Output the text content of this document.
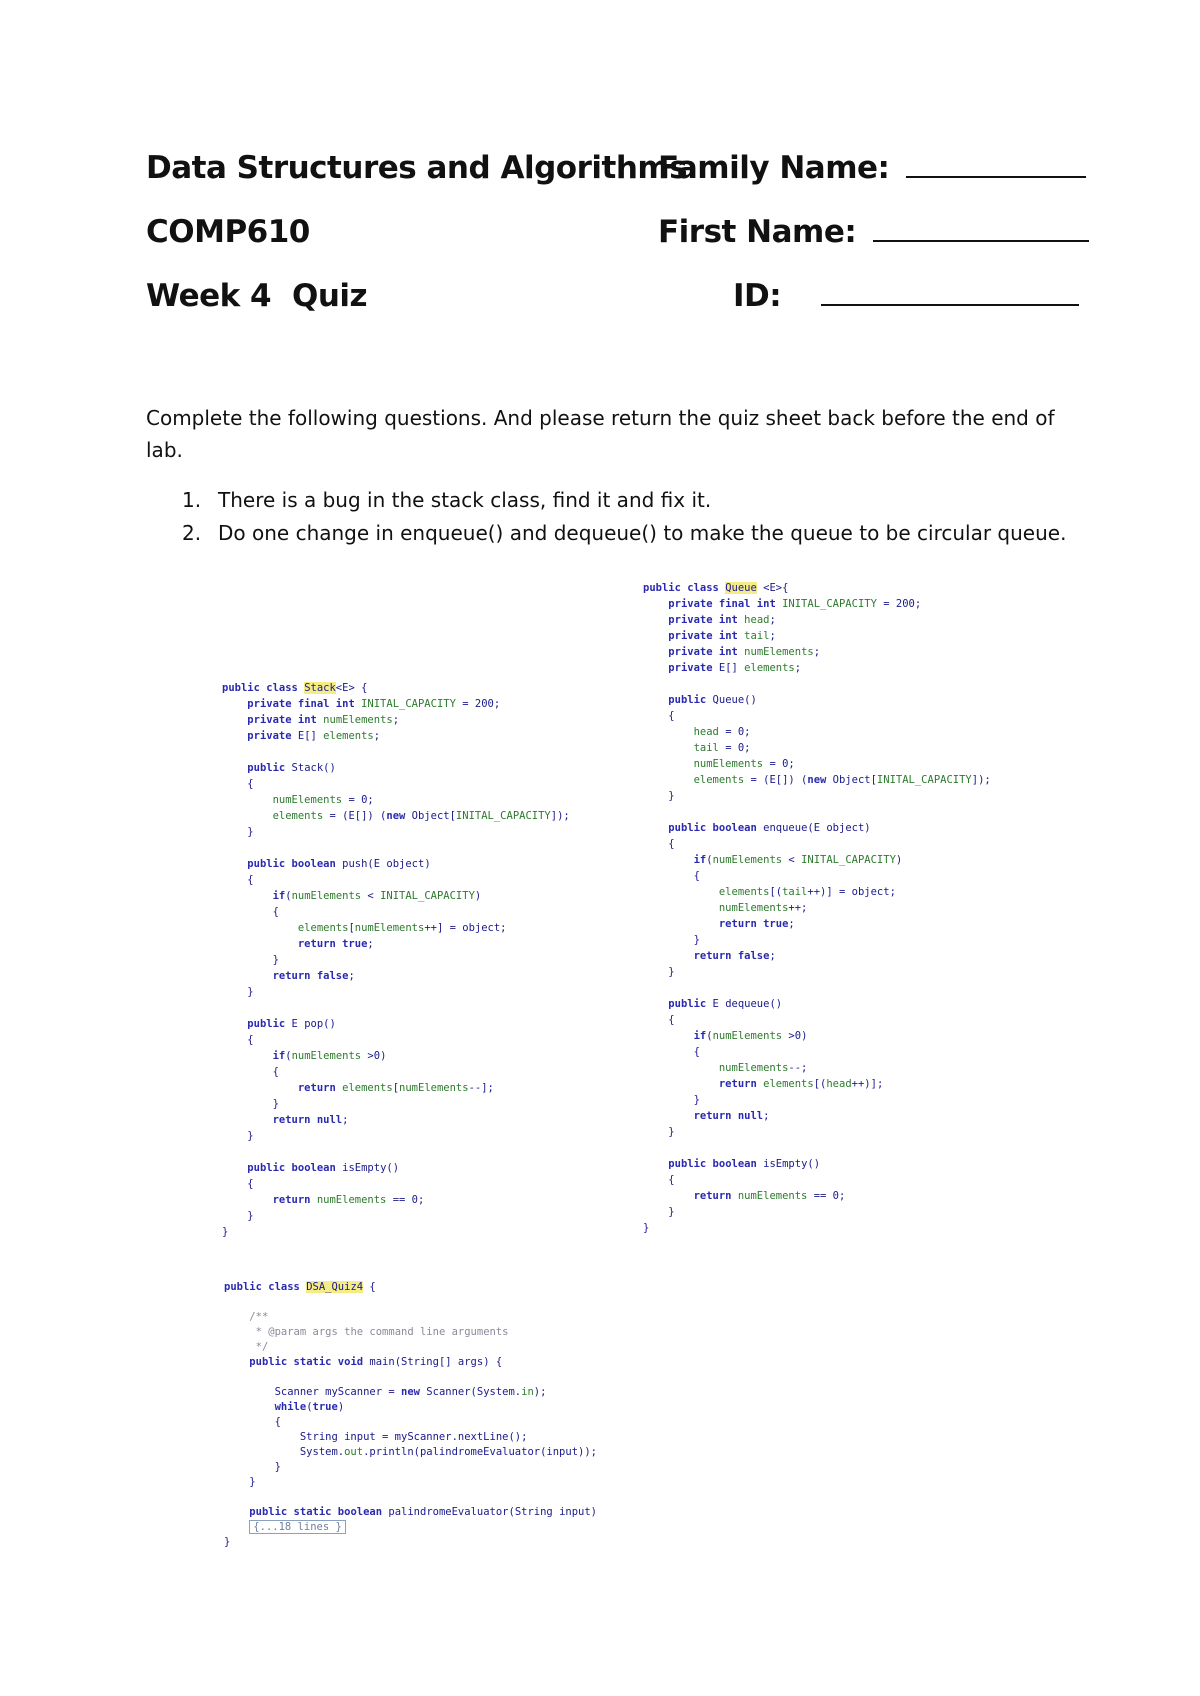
Data Structures and Algorithms
Family Name:
COMP610	First Name:
Week 4 Quiz	ID:
Complete the following questions. And please return the quiz sheet back before the end of lab.
1. There is a bug in the stack class, find it and fix it.
2. Do one change in enqueue() and dequeue() to make the queue to be circular queue.
public class Stack<E> {
private final int INITAL_CAPACITY = 200;
private int numElements;
private E[] elements;

public Stack()
{
numElements = 0;
elements = (E[]) (new Object[INITAL_CAPACITY]);
}

public boolean push(E object)
{
if(numElements < INITAL_CAPACITY)
{
elements[numElements++] = object;
return true;
}
return false;
}

public E pop()
{
if(numElements >0)
{
return elements[numElements--];
}
return null;
}

public boolean isEmpty()
{
return numElements == 0;
}
}
public class Queue <E>{
private final int INITAL_CAPACITY = 200;
private int head;
private int tail;
private int numElements;
private E[] elements;

public Queue()
{
head = 0;
tail = 0;
numElements = 0;
elements = (E[]) (new Object[INITAL_CAPACITY]);
}

public boolean enqueue(E object)
{
if(numElements < INITAL_CAPACITY)
{
elements[(tail++)] = object;
numElements++;
return true;
}
return false;
}

public E dequeue()
{
if(numElements >0)
{
numElements--;
return elements[(head++)];
}
return null;
}

public boolean isEmpty()
{
return numElements == 0;
}
}
public class DSA_Quiz4 {

/**
* @param args the command line arguments
*/
public static void main(String[] args) {

Scanner myScanner = new Scanner(System.in);
while(true)
{
String input = myScanner.nextLine();
System.out.println(palindromeEvaluator(input));
}
}

public static boolean palindromeEvaluator(String input)
{...18 lines }
}
